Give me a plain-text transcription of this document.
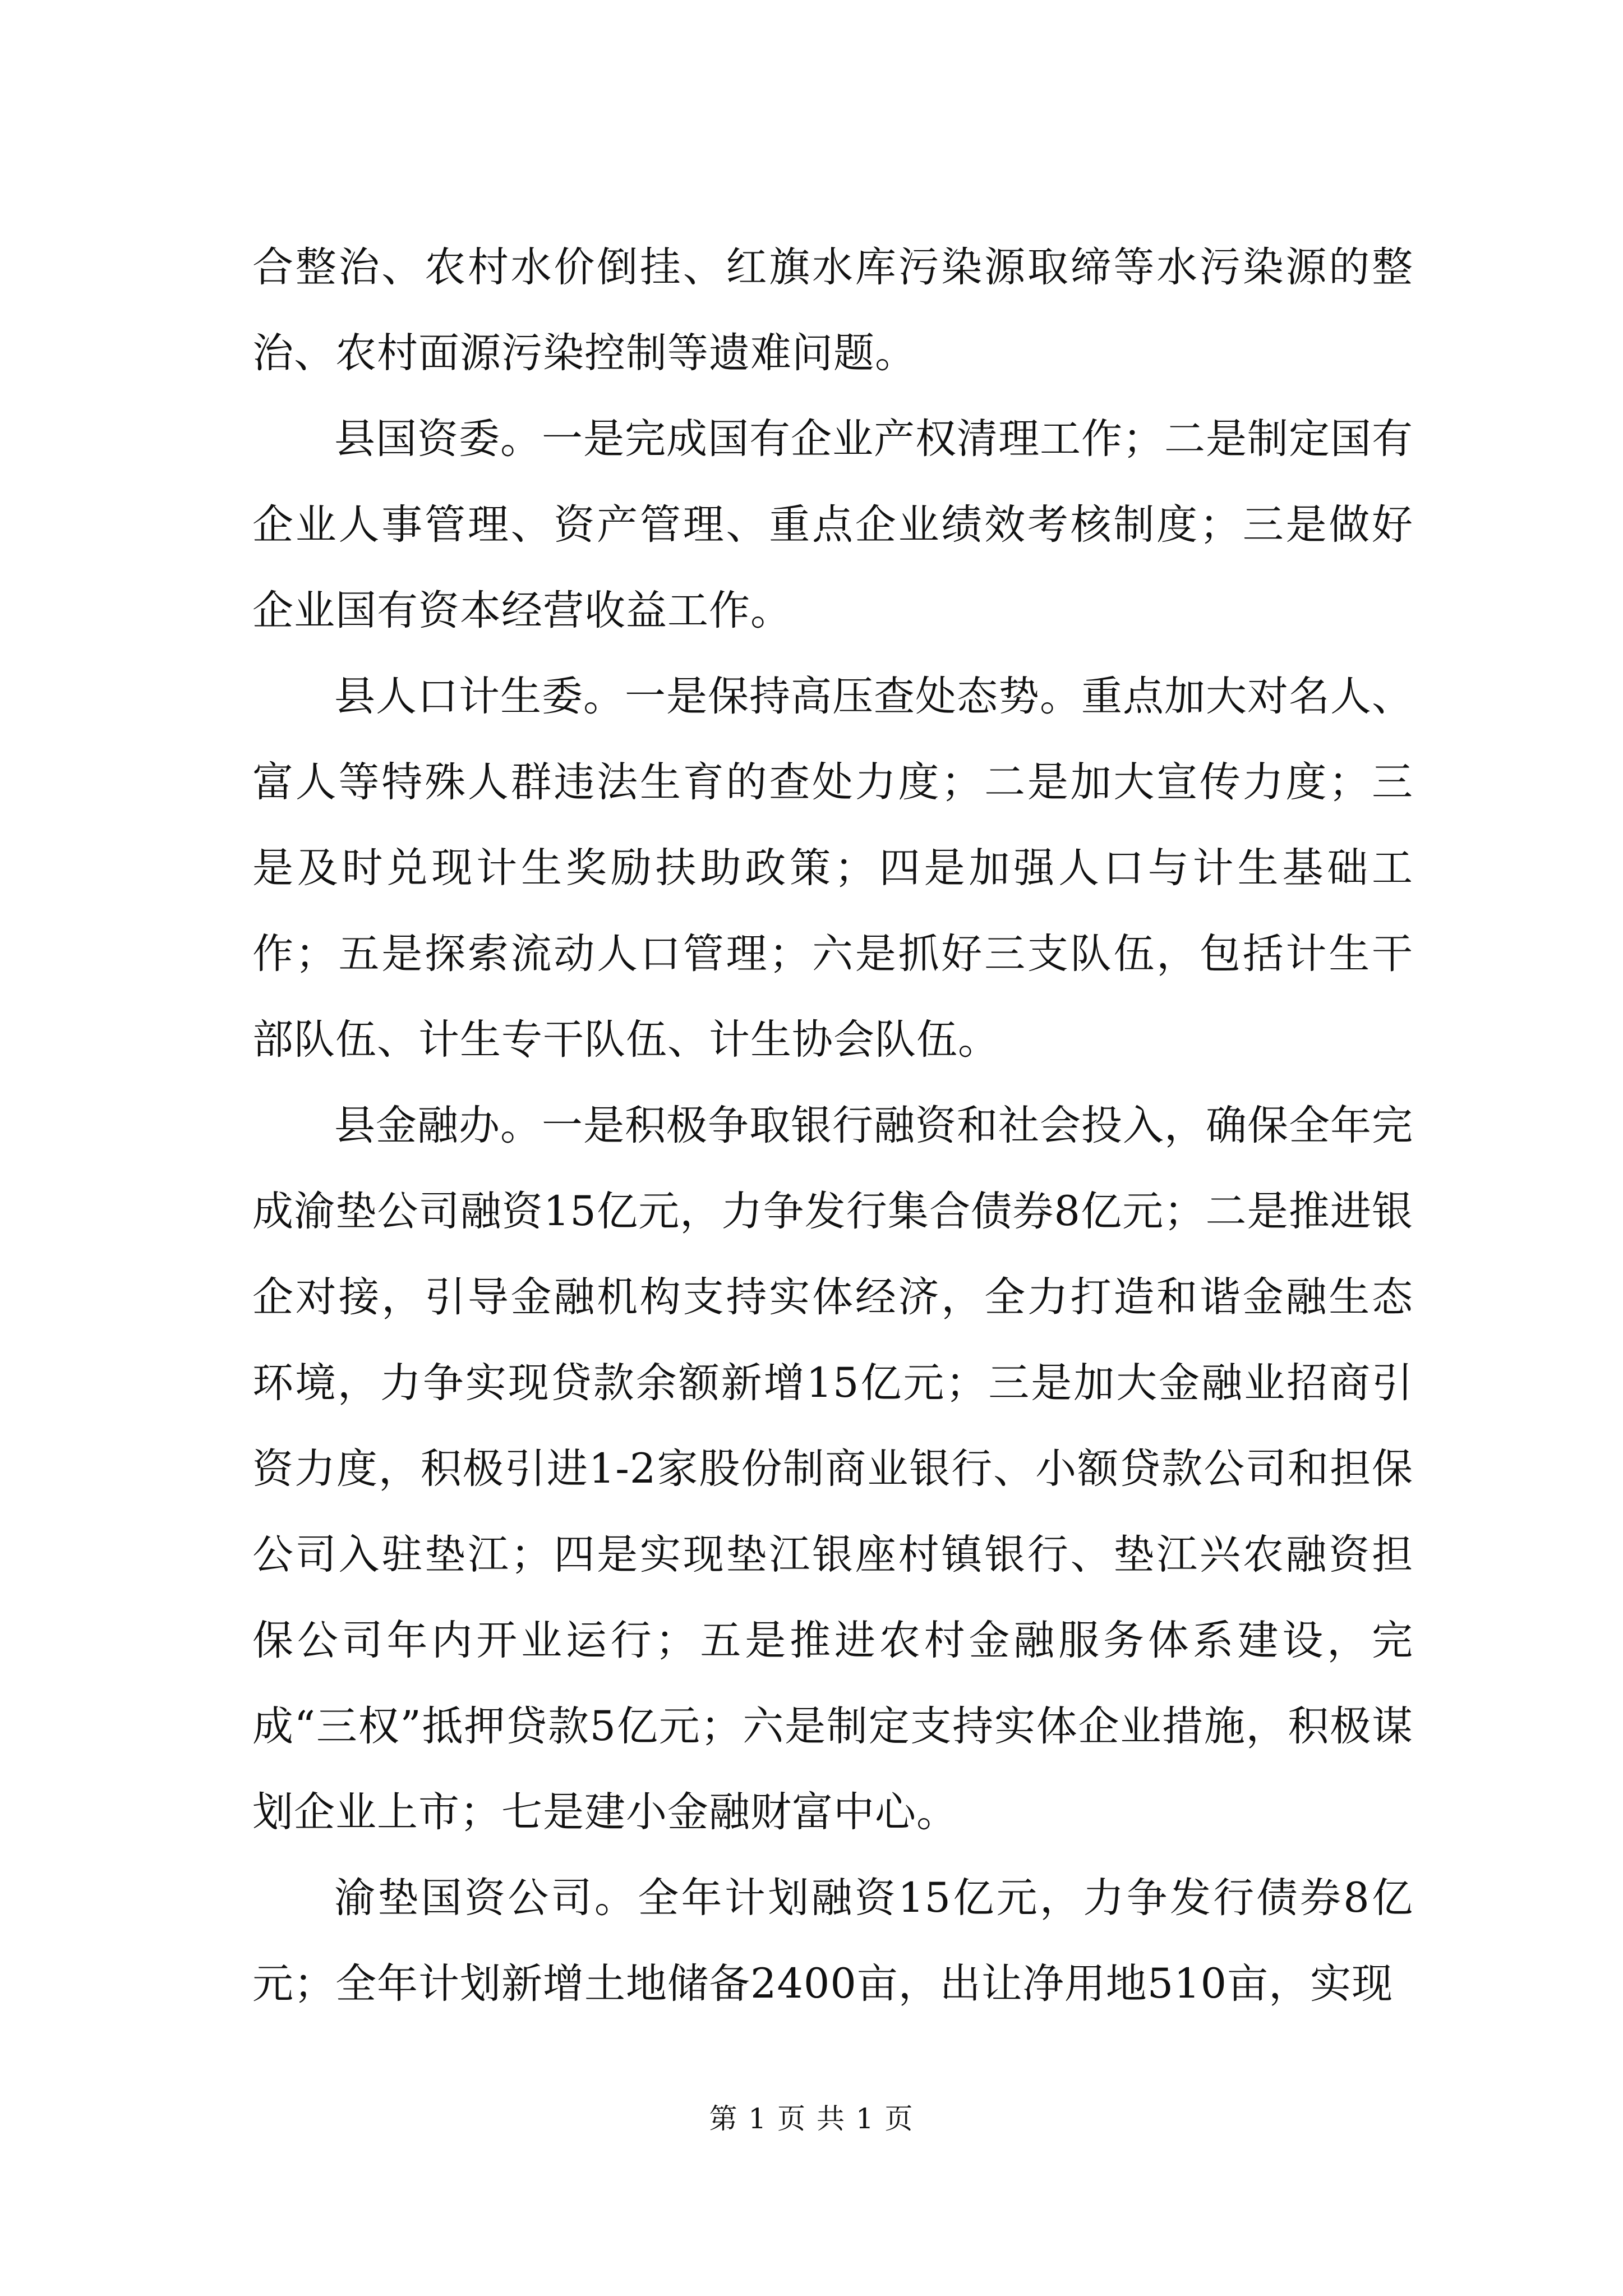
合整治、农村水价倒挂、红旗水库污染源取缔等水污染源的整治、农村面源污染控制等遗难问题。

县国资委。一是完成国有企业产权清理工作；二是制定国有企业人事管理、资产管理、重点企业绩效考核制度；三是做好企业国有资本经营收益工作。

县人口计生委。一是保持高压查处态势。重点加大对名人、富人等特殊人群违法生育的查处力度；二是加大宣传力度；三是及时兑现计生奖励扶助政策；四是加强人口与计生基础工作；五是探索流动人口管理；六是抓好三支队伍，包括计生干部队伍、计生专干队伍、计生协会队伍。

县金融办。一是积极争取银行融资和社会投入，确保全年完成渝垫公司融资15亿元，力争发行集合债券8亿元；二是推进银企对接，引导金融机构支持实体经济，全力打造和谐金融生态环境，力争实现贷款余额新增15亿元；三是加大金融业招商引资力度，积极引进1-2家股份制商业银行、小额贷款公司和担保公司入驻垫江；四是实现垫江银座村镇银行、垫江兴农融资担保公司年内开业运行；五是推进农村金融服务体系建设，完成“三权”抵押贷款5亿元；六是制定支持实体企业措施，积极谋划企业上市；七是建小金融财富中心。

渝垫国资公司。全年计划融资15亿元，力争发行债券8亿元；全年计划新增土地储备2400亩，出让净用地510亩，实现

第 1 页 共 1 页
